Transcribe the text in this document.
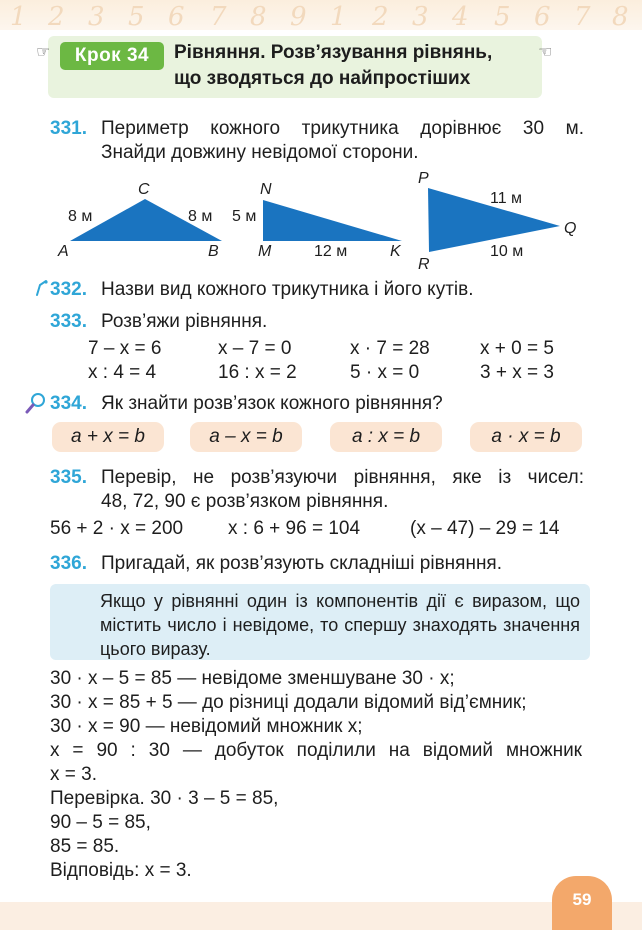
1 2 3 5 6 7 8 9 1 2 3 4 5 6 7 8
☞	☜
Крок 34	Рівняння. Розв’язування рівнянь,
що зводяться до найпростіших
331. Периметр кожного трикутника дорівнює 30 м.
Знайди довжину невідомої сторони.
C
A	B
8 м	8 м
N
M	K
5 м
12 м
P
Q
R
11 м
10 м
332. Назви вид кожного трикутника і його кутів.
333. Розв’яжи рівняння.
7 – x = 6	x – 7 = 0	x · 7 = 28	x + 0 = 5
x : 4 = 4	16 : x = 2	5 · x = 0	3 + x = 3
334. Як знайти розв’язок кожного рівняння?
a + x = b	a – x = b	a : x = b	a · x = b
335. Перевір, не розв’язуючи рівняння, яке із чисел:
48, 72, 90 є розв’язком рівняння.
56 + 2 · x = 200 x : 6 + 96 = 104	(x – 47) – 29 = 14
336. Пригадай, як розв’язують складніші рівняння.
Якщо у рівнянні один із компонентів дії є виразом, що містить число і невідоме, то спершу знаходять значення цього виразу.
30 · x – 5 = 85 — невідоме зменшуване 30 · x;
30 · x = 85 + 5 — до різниці додали відомий від’ємник;
30 · x = 90 — невідомий множник x;
x = 90 : 30 — добуток поділили на відомий множник
x = 3.
Перевірка. 30 · 3 – 5 = 85,
90 – 5 = 85,
85 = 85.
Відповідь: x = 3.
59
